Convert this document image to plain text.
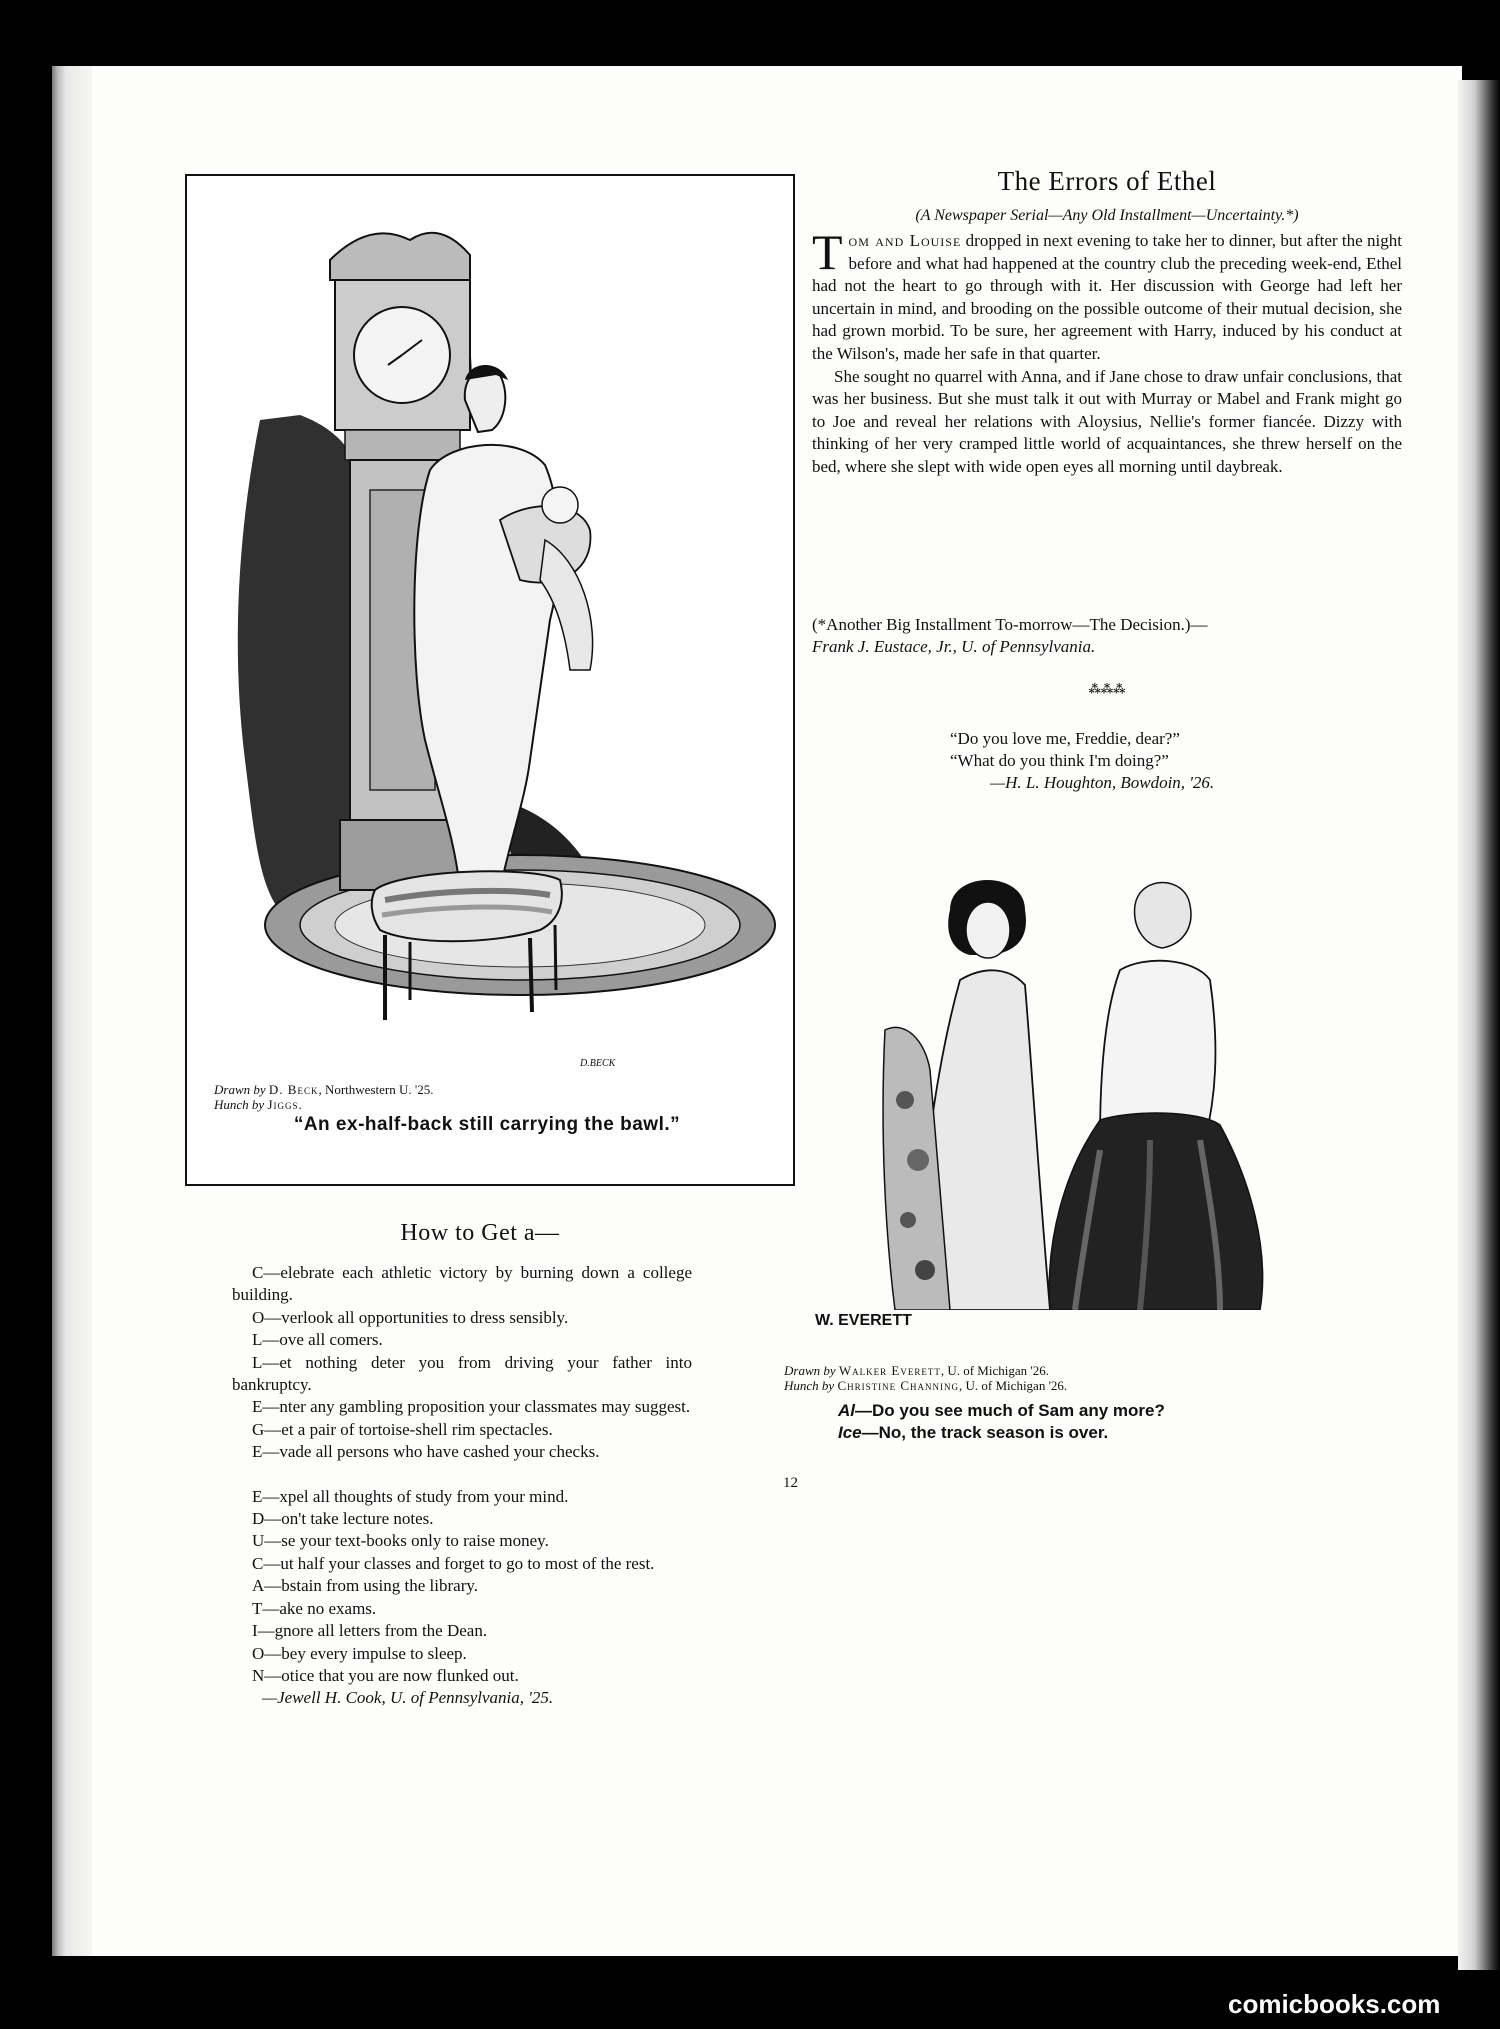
D.BECK
Drawn by D. Beck, Northwestern U. '25.
Hunch by Jiggs.
“An ex-half-back still carrying the bawl.”
The Errors of Ethel
(A Newspaper Serial—Any Old Installment—Uncertainty.*)

Tom and Louise dropped in next evening to take her to dinner, but after the night before and what had happened at the country club the preceding week-end, Ethel had not the heart to go through with it. Her discussion with George had left her uncertain in mind, and brooding on the possible outcome of their mutual decision, she had grown morbid. To be sure, her agreement with Harry, induced by his conduct at the Wilson's, made her safe in that quarter.

She sought no quarrel with Anna, and if Jane chose to draw unfair conclusions, that was her business. But she must talk it out with Murray or Mabel and Frank might go to Joe and reveal her relations with Aloysius, Nellie's former fiancée. Dizzy with thinking of her very cramped little world of acquaintances, she threw herself on the bed, where she slept with wide open eyes all morning until daybreak.

(*Another Big Installment To-morrow—The Decision.)—
Frank J. Eustace, Jr., U. of Pennsylvania.
⁂⁂⁂
“Do you love me, Freddie, dear?”
“What do you think I'm doing?”
—H. L. Houghton, Bowdoin, '26.
W. EVERETT
Drawn by Walker Everett, U. of Michigan '26.
Hunch by Christine Channing, U. of Michigan '26.
Al—Do you see much of Sam any more?
Ice—No, the track season is over.
How to Get a—

C—elebrate each athletic victory by burning down a college building.

O—verlook all opportunities to dress sensibly.

L—ove all comers.

L—et nothing deter you from driving your father into bankruptcy.

E—nter any gambling proposition your classmates may suggest.

G—et a pair of tortoise-shell rim spectacles.

E—vade all persons who have cashed your checks.

E—xpel all thoughts of study from your mind.

D—on't take lecture notes.

U—se your text-books only to raise money.

C—ut half your classes and forget to go to most of the rest.

A—bstain from using the library.

T—ake no exams.

I—gnore all letters from the Dean.

O—bey every impulse to sleep.

N—otice that you are now flunked out.

—Jewell H. Cook, U. of Pennsylvania, '25.
12
comicbooks.com
